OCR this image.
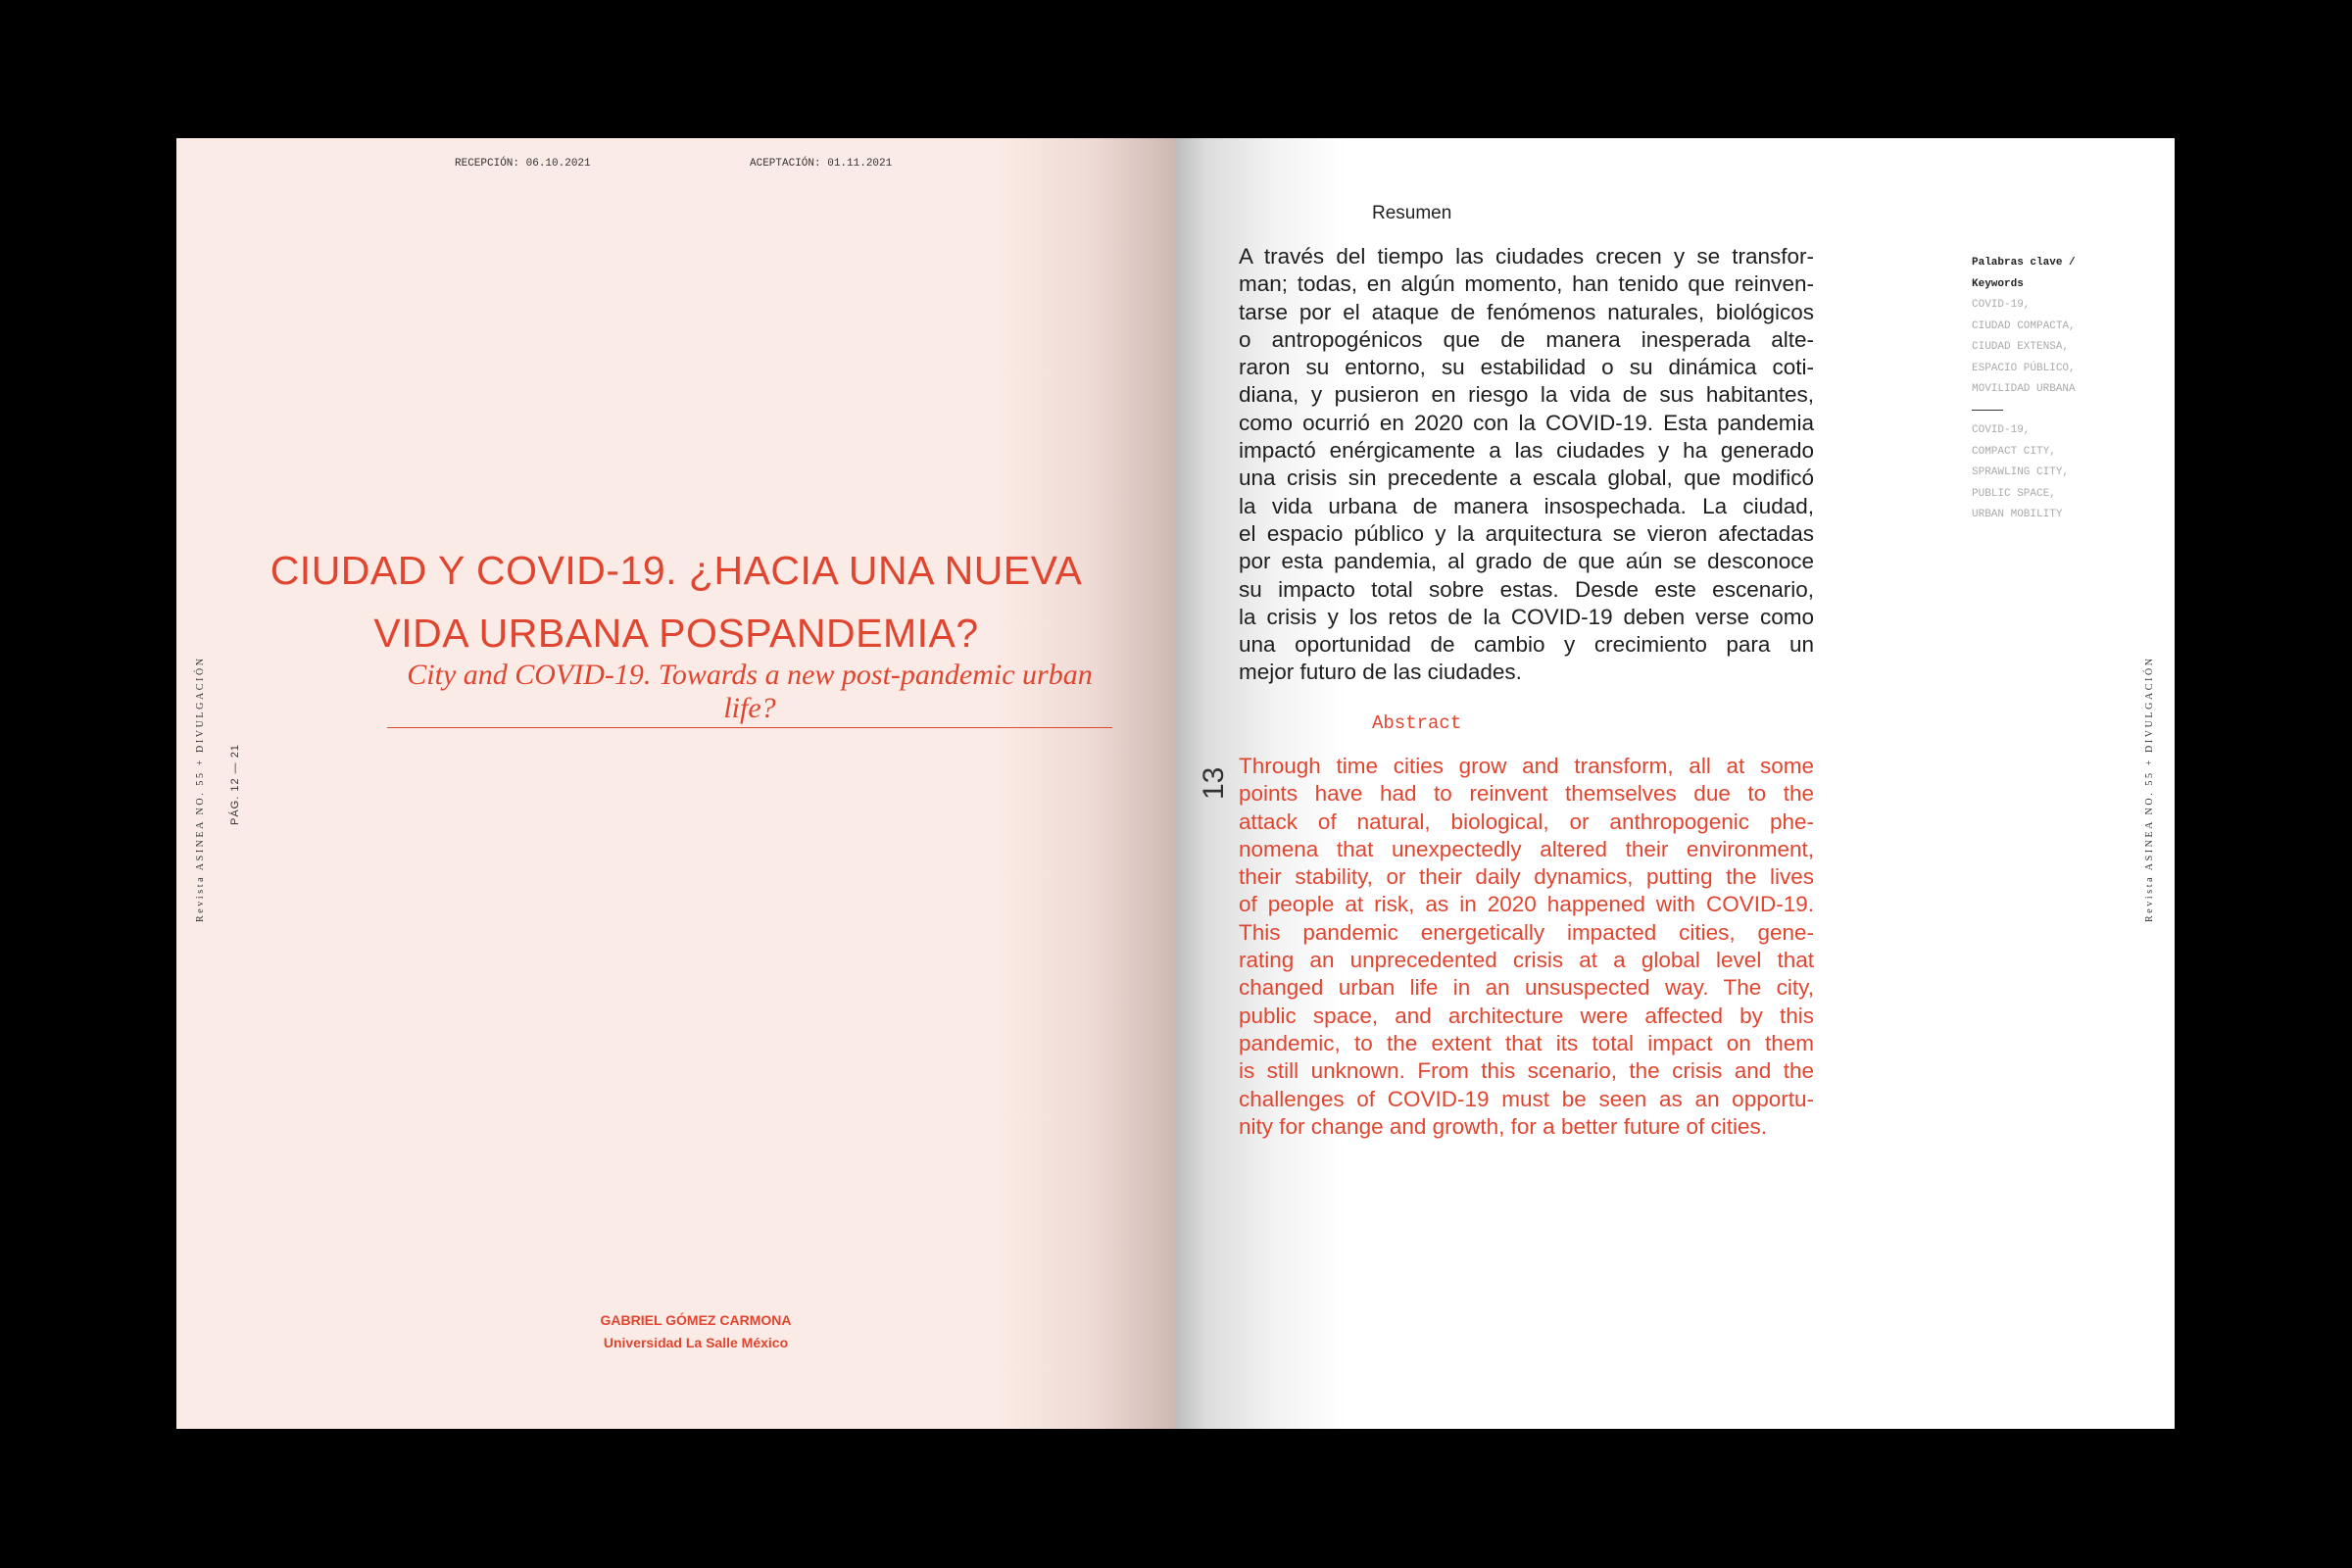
RECEPCIÓN: 06.10.2021	ACEPTACIÓN: 01.11.2021
Revista ASINEA NO. 55 + DIVULGACIÓN PÁG. 12 — 21
CIUDAD Y COVID-19. ¿HACIA UNA NUEVA
VIDA URBANA POSPANDEMIA?
City and COVID-19. Towards a new post-pandemic urban life?
GABRIEL GÓMEZ CARMONA
Universidad La Salle México
13
Resumen
A través del tiempo las ciudades crecen y se transfor-
man; todas, en algún momento, han tenido que reinven-
tarse por el ataque de fenómenos naturales, biológicos
o antropogénicos que de manera inesperada alte-
raron su entorno, su estabilidad o su dinámica coti-
diana, y pusieron en riesgo la vida de sus habitantes,
como ocurrió en 2020 con la COVID-19. Esta pandemia
impactó enérgicamente a las ciudades y ha generado
una crisis sin precedente a escala global, que modificó
la vida urbana de manera insospechada. La ciudad,
el espacio público y la arquitectura se vieron afectadas
por esta pandemia, al grado de que aún se desconoce
su impacto total sobre estas. Desde este escenario,
la crisis y los retos de la COVID-19 deben verse como
una oportunidad de cambio y crecimiento para un
mejor futuro de las ciudades.
Abstract
Through time cities grow and transform, all at some
points have had to reinvent themselves due to the
attack of natural, biological, or anthropogenic phe-
nomena that unexpectedly altered their environment,
their stability, or their daily dynamics, putting the lives
of people at risk, as in 2020 happened with COVID-19.
This pandemic energetically impacted cities, gene-
rating an unprecedented crisis at a global level that
changed urban life in an unsuspected way. The city,
public space, and architecture were affected by this
pandemic, to the extent that its total impact on them
is still unknown. From this scenario, the crisis and the
challenges of COVID-19 must be seen as an opportu-
nity for change and growth, for a better future of cities.
Palabras clave /
Keywords
COVID-19,
CIUDAD COMPACTA,
CIUDAD EXTENSA,
ESPACIO PÚBLICO,
MOVILIDAD URBANA
COVID-19,
COMPACT CITY,
SPRAWLING CITY,
PUBLIC SPACE,
URBAN MOBILITY
Revista ASINEA NO. 55 + DIVULGACIÓN
